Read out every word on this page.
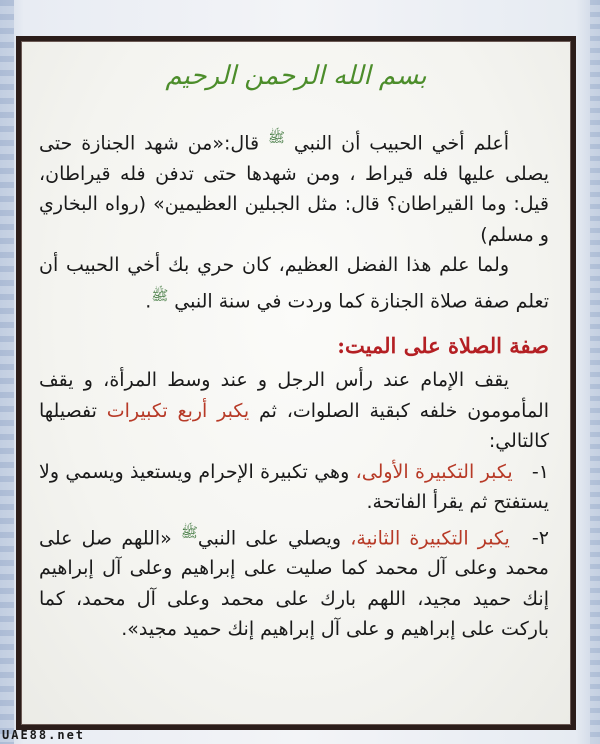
بسم الله الرحمن الرحيم

أعلم أخي الحبيب أن النبي $^ﷺ$ قال:«من شهد الجنازة حتى يصلى عليها فله قيراط ، ومن شهدها حتى تدفن فله قيراطان، قيل: وما القيراطان؟ قال: مثل الجبلين العظيمين» (رواه البخاري و مسلم)

ولما علم هذا الفضل العظيم، كان حري بك أخي الحبيب أن تعلم صفة صلاة الجنازة كما وردت في سنة النبي $^ﷺ$.

صفة الصلاة على الميت:

يقف الإمام عند رأس الرجل و عند وسط المرأة، و يقف المأمومون خلفه كبقية الصلوات، ثم يكبر أربع تكبيرات تفصيلها كالتالي:

١- يكبر التكبيرة الأولى، وهي تكبيرة الإحرام ويستعيذ ويسمي ولا يستفتح ثم يقرأ الفاتحة.

٢- يكبر التكبيرة الثانية، ويصلي على النبي$^ﷺ$ «اللهم صل على محمد وعلى آل محمد كما صليت على إبراهيم وعلى آل إبراهيم إنك حميد مجيد، اللهم بارك على محمد وعلى آل محمد، كما باركت على إبراهيم و على آل إبراهيم إنك حميد مجيد».

UAE88.net
